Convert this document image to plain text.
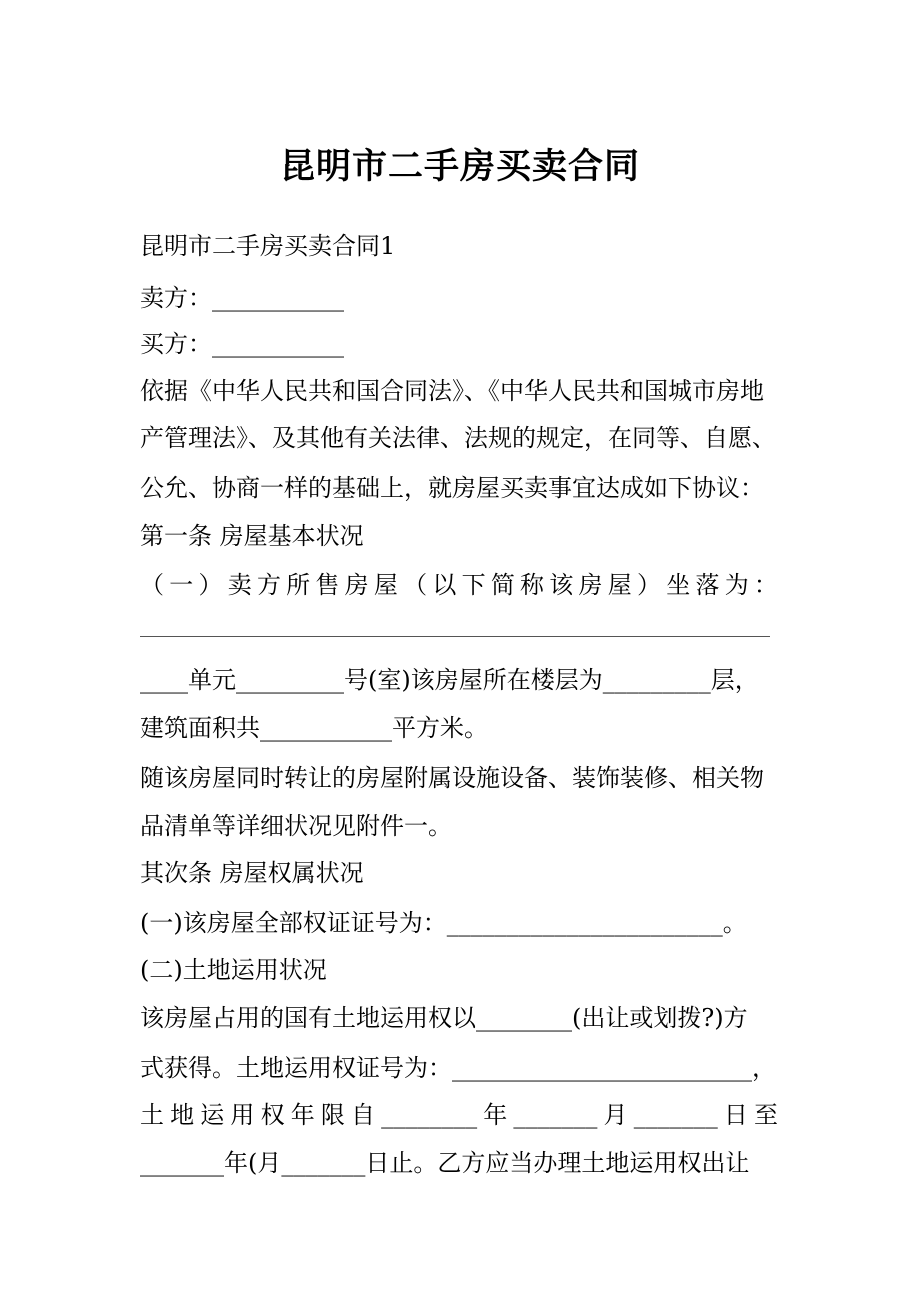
昆明市二手房买卖合同
昆明市二手房买卖合同1
卖方：___________
买方：___________
依据《中华人民共和国合同法》、《中华人民共和国城市房地
产管理法》、及其他有关法律、法规的规定，在同等、自愿、
公允、协商一样的基础上，就房屋买卖事宜达成如下协议：
第一条 房屋基本状况
（ 一 ） 卖 方 所 售 房 屋 （ 以 下 简 称 该 房 屋 ） 坐 落 为 ：
____单元_________号(室)该房屋所在楼层为_________层，
建筑面积共___________平方米。
随该房屋同时转让的房屋附属设施设备、装饰装修、相关物
品清单等详细状况见附件一。
其次条 房屋权属状况
(一)该房屋全部权证证号为：_______________________。
(二)土地运用状况
该房屋占用的国有土地运用权以________(出让或划拨?)方
式获得。土地运用权证号为：_________________________，
土 地 运 用 权 年 限 自 ________ 年 _______ 月 _______ 日 至
_______年(月_______日止。乙方应当办理土地运用权出让
